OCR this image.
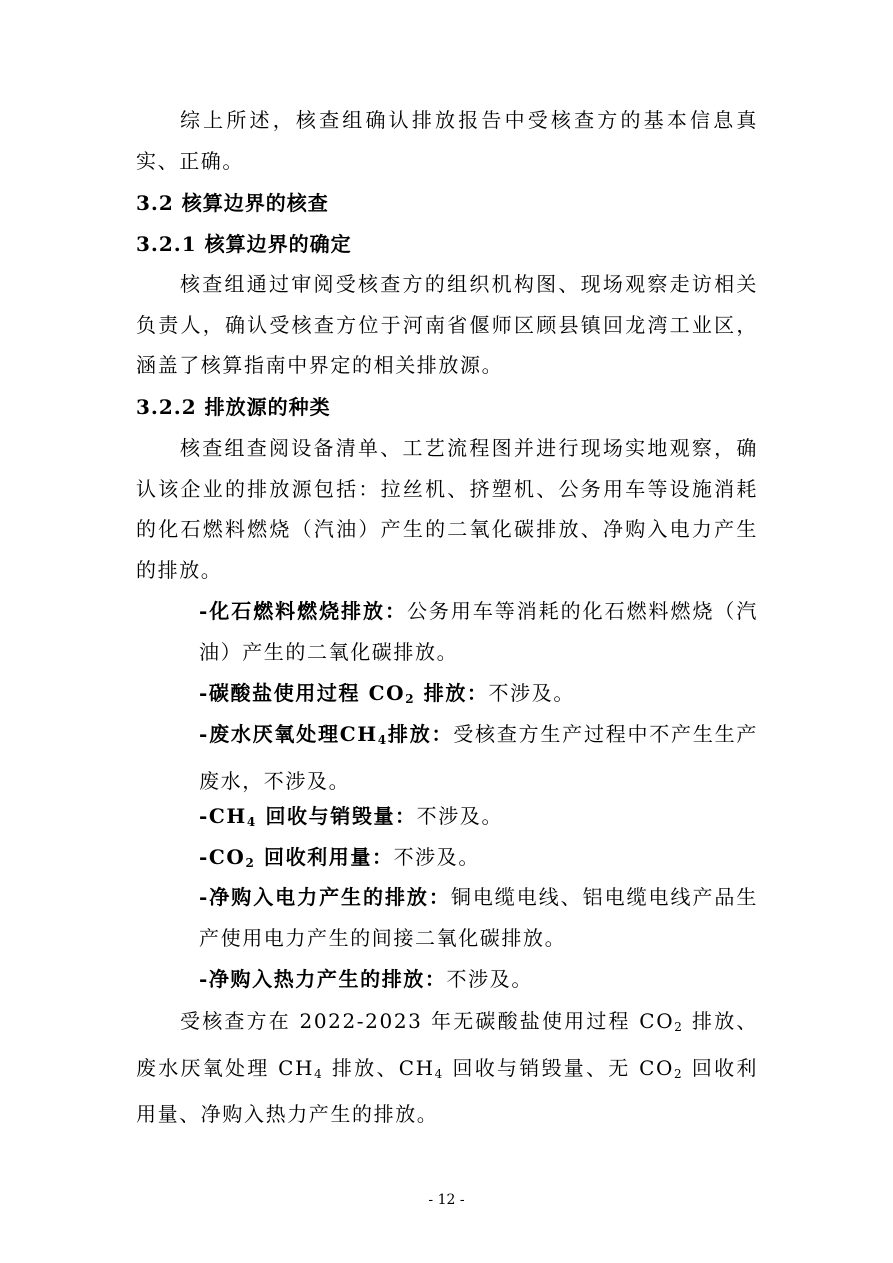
综上所述，核查组确认排放报告中受核查方的基本信息真实、正确。

3.2 核算边界的核查
3.2.1 核算边界的确定

核查组通过审阅受核查方的组织机构图、现场观察走访相关负责人，确认受核查方位于河南省偃师区顾县镇回龙湾工业区，涵盖了核算指南中界定的相关排放源。

3.2.2 排放源的种类

核查组查阅设备清单、工艺流程图并进行现场实地观察，确认该企业的排放源包括：拉丝机、挤塑机、公务用车等设施消耗的化石燃料燃烧（汽油）产生的二氧化碳排放、净购入电力产生的排放。

-化石燃料燃烧排放：公务用车等消耗的化石燃料燃烧（汽油）产生的二氧化碳排放。

-碳酸盐使用过程 $CO_2$ 排放：不涉及。

-废水厌氧处理$CH_4$排放：受核查方生产过程中不产生生产废水，不涉及。

$-CH_4$ 回收与销毁量：不涉及。

$-CO_2$ 回收利用量：不涉及。

-净购入电力产生的排放：铜电缆电线、铝电缆电线产品生产使用电力产生的间接二氧化碳排放。

-净购入热力产生的排放：不涉及。

受核查方在 2022-2023 年无碳酸盐使用过程 $CO_2$ 排放、废水厌氧处理 $CH_4$ 排放、$CH_4$ 回收与销毁量、无 $CO_2$ 回收利用量、净购入热力产生的排放。

- 12 -
